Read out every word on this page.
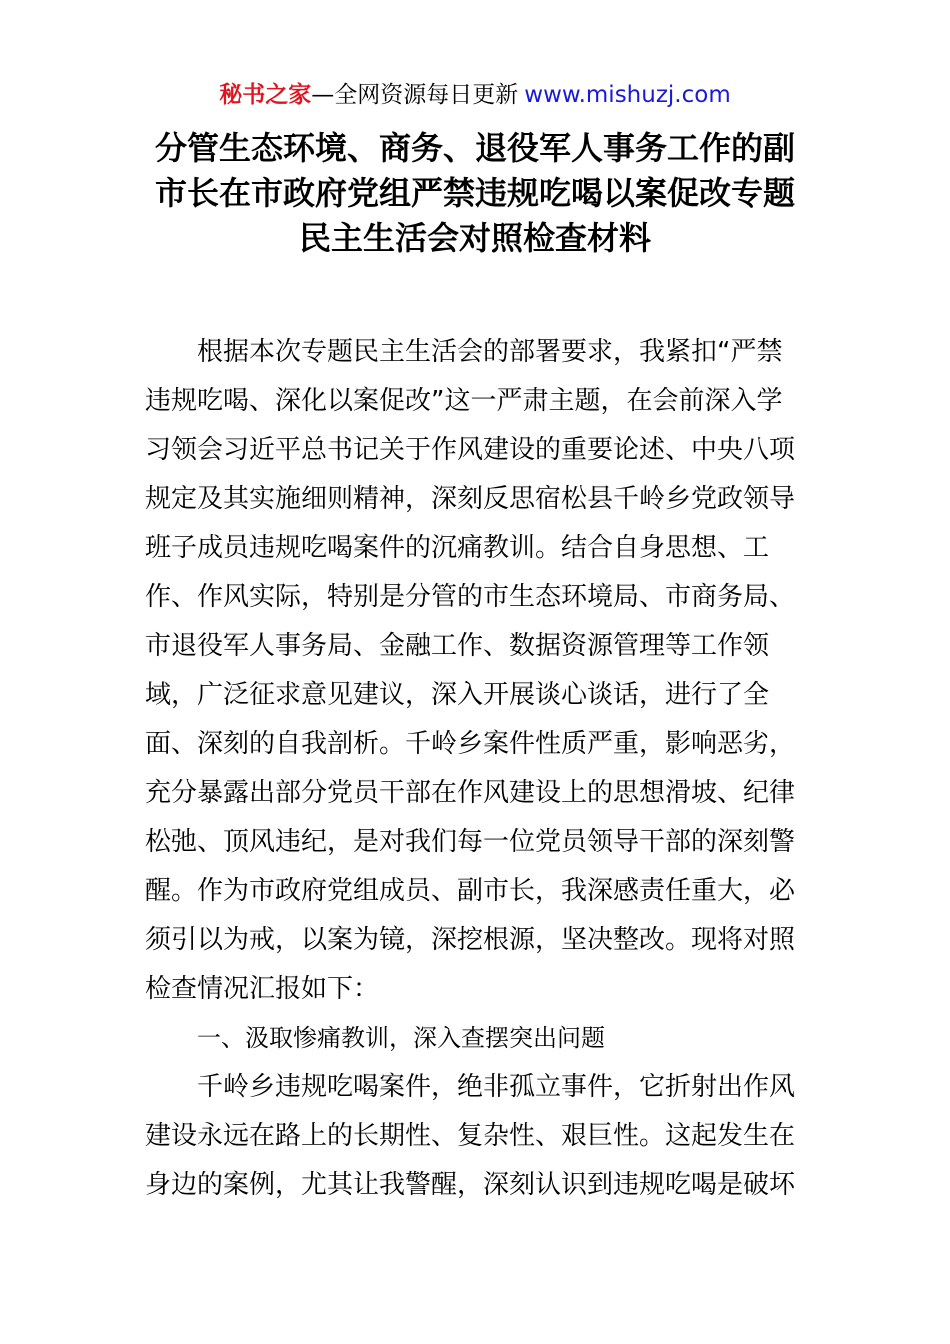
秘书之家—全网资源每日更新 www.mishuzj.com
分管生态环境、商务、退役军人事务工作的副
市长在市政府党组严禁违规吃喝以案促改专题
民主生活会对照检查材料
根据本次专题民主生活会的部署要求，我紧扣“严禁
违规吃喝、深化以案促改”这一严肃主题，在会前深入学
习领会习近平总书记关于作风建设的重要论述、中央八项
规定及其实施细则精神，深刻反思宿松县千岭乡党政领导
班子成员违规吃喝案件的沉痛教训。结合自身思想、工
作、作风实际，特别是分管的市生态环境局、市商务局、
市退役军人事务局、金融工作、数据资源管理等工作领
域，广泛征求意见建议，深入开展谈心谈话，进行了全
面、深刻的自我剖析。千岭乡案件性质严重，影响恶劣，
充分暴露出部分党员干部在作风建设上的思想滑坡、纪律
松弛、顶风违纪，是对我们每一位党员领导干部的深刻警
醒。作为市政府党组成员、副市长，我深感责任重大，必
须引以为戒，以案为镜，深挖根源，坚决整改。现将对照
检查情况汇报如下：
一、汲取惨痛教训，深入查摆突出问题
千岭乡违规吃喝案件，绝非孤立事件，它折射出作风
建设永远在路上的长期性、复杂性、艰巨性。这起发生在
身边的案例，尤其让我警醒，深刻认识到违规吃喝是破坏
